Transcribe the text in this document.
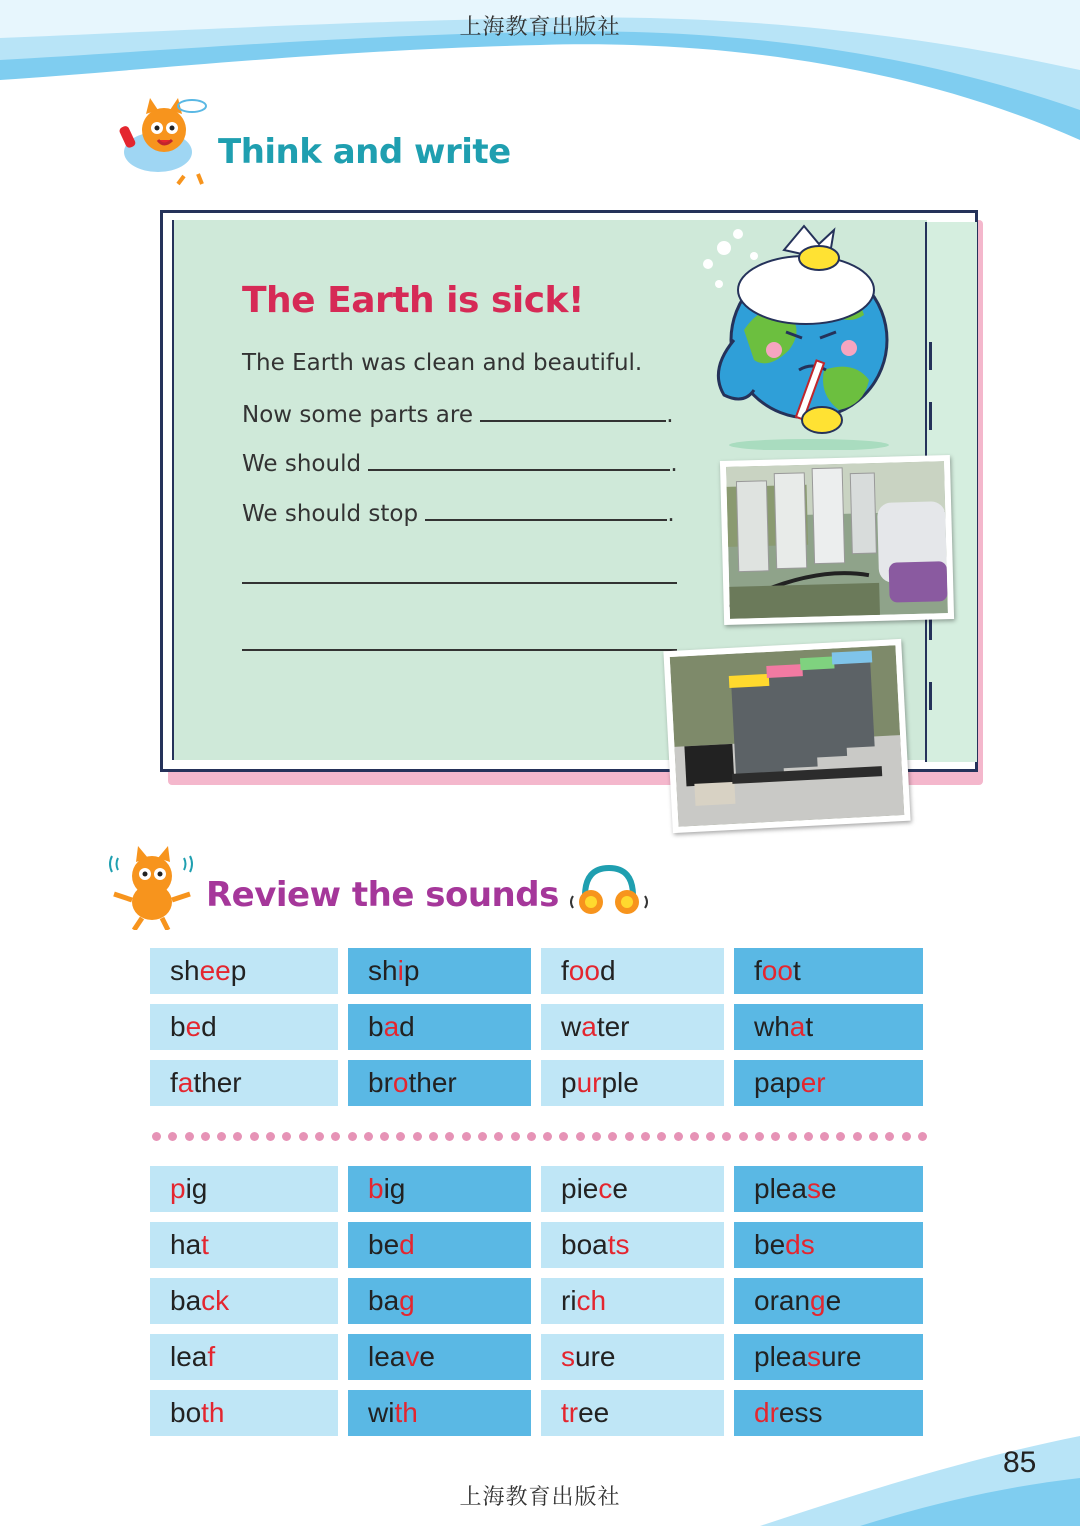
上海教育出版社
Think and write
The Earth is sick!
The Earth was clean and beautiful.
Now some parts are	.
We should	.
We should stop	.
Review the sounds
sh ee p	sh i p	f oo d	f oo t
b e d	b a d	w a ter	wh a t
f a ther	br o ther	p ur ple	pap er
p ig	b ig	pie c e	plea s e
ha t	be d	boa ts	be ds
ba ck	ba g	ri ch	oran g e
lea f	lea v e	s ure	plea s ure
bo th	wi th	tr ee	dr ess
85
上海教育出版社
